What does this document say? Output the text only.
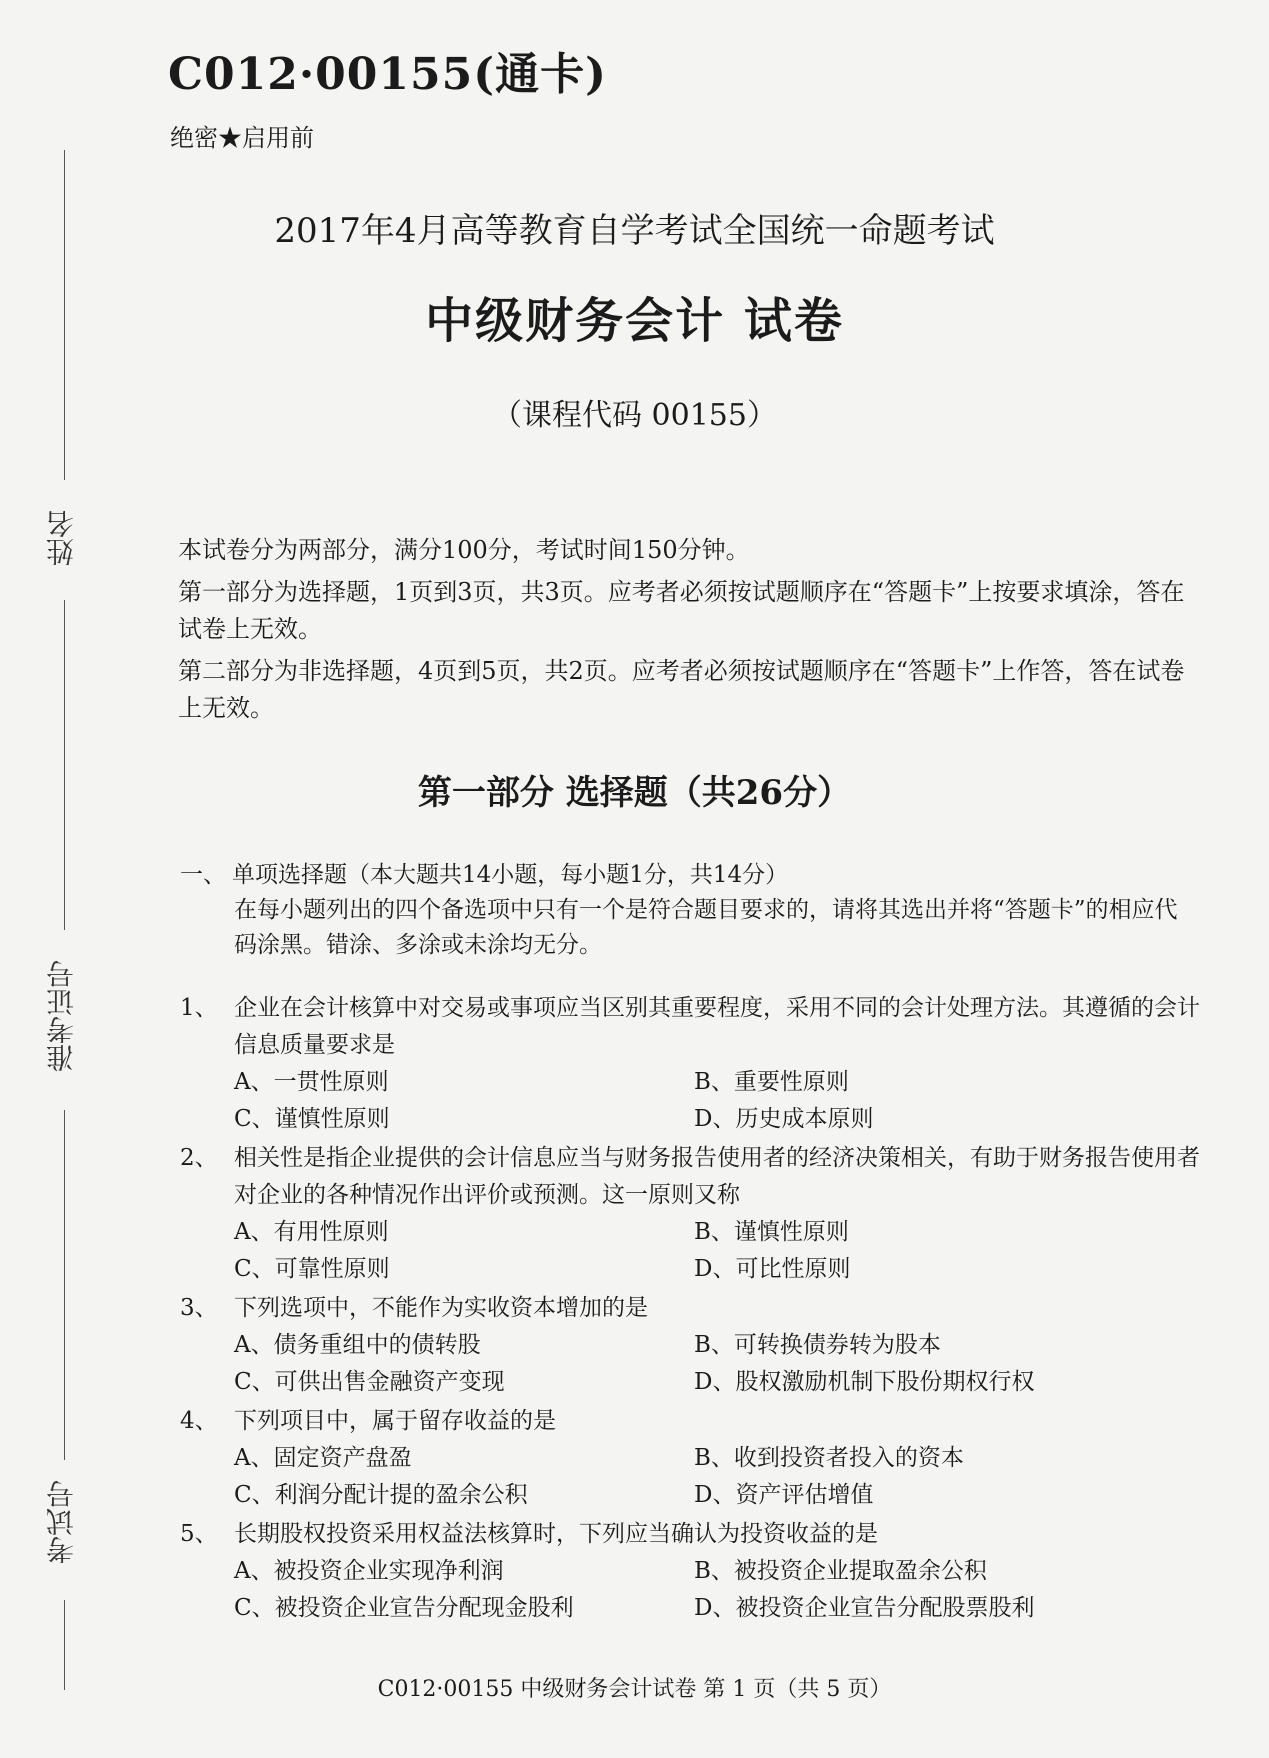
姓名
准考证号
考试号
C012·00155(通卡)
绝密★启用前
2017年4月高等教育自学考试全国统一命题考试
中级财务会计 试卷
（课程代码 00155）

本试卷分为两部分，满分100分，考试时间150分钟。

第一部分为选择题，1页到3页，共3页。应考者必须按试题顺序在“答题卡”上按要求填涂，答在试卷上无效。

第二部分为非选择题，4页到5页，共2页。应考者必须按试题顺序在“答题卡”上作答，答在试卷上无效。

第一部分 选择题（共26分）
一、 单项选择题（本大题共14小题，每小题1分，共14分）
在每小题列出的四个备选项中只有一个是符合题目要求的，请将其选出并将“答题卡”的相应代码涂黑。错涂、多涂或未涂均无分。
1、 企业在会计核算中对交易或事项应当区别其重要程度，采用不同的会计处理方法。其遵循的会计信息质量要求是
A、一贯性原则	B、重要性原则
C、谨慎性原则	D、历史成本原则
2、 相关性是指企业提供的会计信息应当与财务报告使用者的经济决策相关，有助于财务报告使用者对企业的各种情况作出评价或预测。这一原则又称
A、有用性原则	B、谨慎性原则
C、可靠性原则	D、可比性原则
3、 下列选项中，不能作为实收资本增加的是
A、债务重组中的债转股	B、可转换债券转为股本
C、可供出售金融资产变现	D、股权激励机制下股份期权行权
4、 下列项目中，属于留存收益的是
A、固定资产盘盈	B、收到投资者投入的资本
C、利润分配计提的盈余公积	D、资产评估增值
5、 长期股权投资采用权益法核算时，下列应当确认为投资收益的是
A、被投资企业实现净利润	B、被投资企业提取盈余公积
C、被投资企业宣告分配现金股利	D、被投资企业宣告分配股票股利
C012·00155 中级财务会计试卷 第 1 页（共 5 页）
